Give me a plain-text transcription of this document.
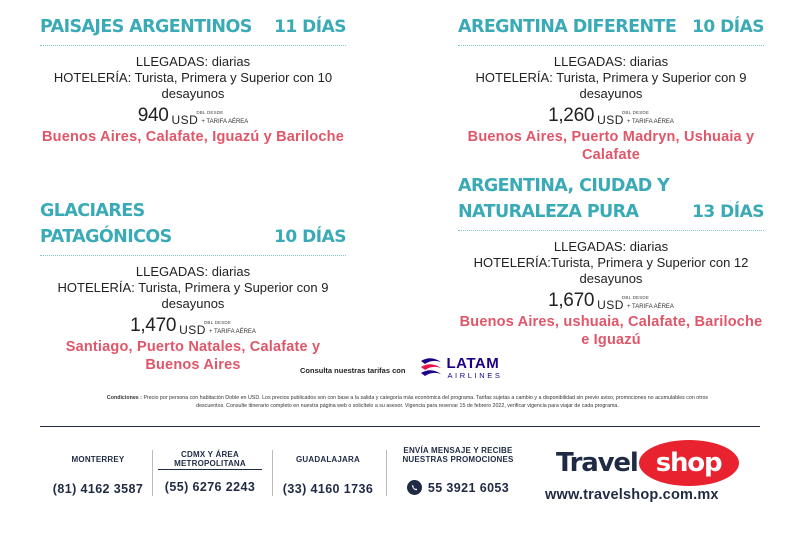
PAISAJES ARGENTINOS 11 DÍAS
LLEGADAS: diarias
HOTELERÍA: Turista, Primera y Superior con 10 desayunos
940	DBL DESDE
USD + TARIFA AÉREA
Buenos Aires, Calafate, Iguazú y Bariloche
AREGNTINA DIFERENTE 10 DÍAS
LLEGADAS: diarias
HOTELERÍA: Turista, Primera y Superior con 9 desayunos
1,260	DBL DESDE
USD + TARIFA AÉREA
Buenos Aires, Puerto Madryn, Ushuaia y Calafate
GLACIARES PATAGÓNICOS	10 DÍAS
LLEGADAS: diarias
HOTELERÍA: Turista, Primera y Superior con 9 desayunos
1,470	DBL DESDE
USD + TARIFA AÉREA
Santiago, Puerto Natales, Calafate y Buenos Aires
ARGENTINA, CIUDAD Y NATURALEZA PURA	13 DÍAS
LLEGADAS: diarias
HOTELERÍA:Turista, Primera y Superior con 12 desayunos
1,670	DBL DESDE
USD + TARIFA AÉREA
Buenos Aires, ushuaia, Calafate, Bariloche e Iguazú
Consulta nuestras tarifas con	LATAM
AIRLINES
Condiciones : Precio por persona con habitación Doble en USD. Los precios publicados son con base a la salida y categoría más económica del programa. Tarifas sujetas a cambio y a disponibilidad sin previo aviso, promociones no acumulables con otros descuentos. Consulte itinerario completo en nuestra página web o solicítelo a su asesor. Vigencia para reservar 15 de febrero 2022, verificar vigencia para viajar de cada programa.
MONTERREY
(81) 4162 3587
CDMX Y ÁREA METROPOLITANA
(55) 6276 2243
GUADALAJARA
(33) 4160 1736
ENVÍA MENSAJE Y RECIBE NUESTRAS PROMOCIONES
55 3921 6053
Travel shop
www.travelshop.com.mx
